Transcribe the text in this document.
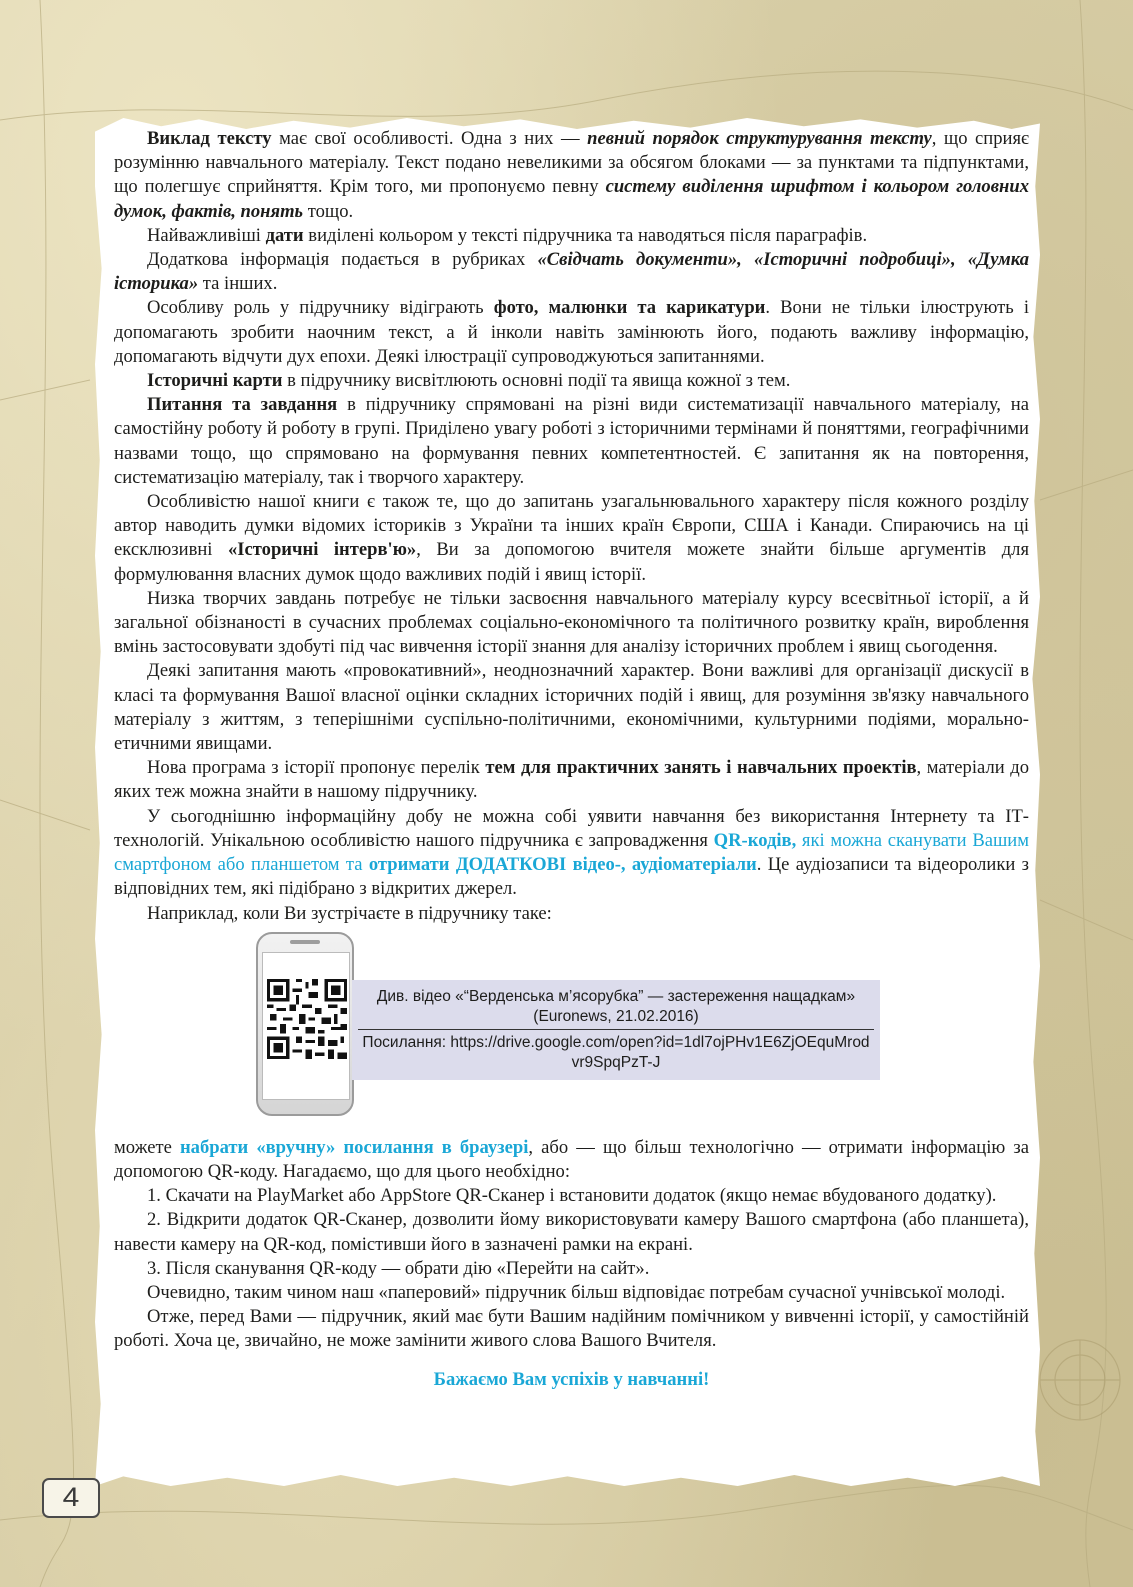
Виклад тексту має свої особливості. Одна з них — певний порядок структурування тексту, що сприяє розумінню навчального матеріалу. Текст подано невеликими за обсягом блоками — за пунктами та підпунктами, що полегшує сприйняття. Крім того, ми пропонуємо певну систему виділення шрифтом і кольором головних думок, фактів, понять тощо.

Найважливіші дати виділені кольором у тексті підручника та наводяться після параграфів.

Додаткова інформація подається в рубриках «Свідчать документи», «Історичні подробиці», «Думка історика» та інших.

Особливу роль у підручнику відіграють фото, малюнки та карикатури. Вони не тільки ілюструють і допомагають зробити наочним текст, а й інколи навіть замінюють його, подають важливу інформацію, допомагають відчути дух епохи. Деякі ілюстрації супроводжуються запитаннями.

Історичні карти в підручнику висвітлюють основні події та явища кожної з тем.

Питання та завдання в підручнику спрямовані на різні види систематизації навчального матеріалу, на самостійну роботу й роботу в групі. Приділено увагу роботі з історичними термінами й поняттями, географічними назвами тощо, що спрямовано на формування певних компетентностей. Є запитання як на повторення, систематизацію матеріалу, так і творчого характеру.

Особливістю нашої книги є також те, що до запитань узагальнювального характеру після кожного розділу автор наводить думки відомих істориків з України та інших країн Європи, США і Канади. Спираючись на ці ексклюзивні «Історичні інтерв'ю», Ви за допомогою вчителя можете знайти більше аргументів для формулювання власних думок щодо важливих подій і явищ історії.

Низка творчих завдань потребує не тільки засвоєння навчального матеріалу курсу всесвітньої історії, а й загальної обізнаності в сучасних проблемах соціально-економічного та політичного розвитку країн, вироблення вмінь застосовувати здобуті під час вивчення історії знання для аналізу історичних проблем і явищ сьогодення.

Деякі запитання мають «провокативний», неоднозначний характер. Вони важливі для організації дискусії в класі та формування Вашої власної оцінки складних історичних подій і явищ, для розуміння зв'язку навчального матеріалу з життям, з теперішніми суспільно-політичними, економічними, культурними подіями, морально-етичними явищами.

Нова програма з історії пропонує перелік тем для практичних занять і навчальних проектів, матеріали до яких теж можна знайти в нашому підручнику.

У сьогоднішню інформаційну добу не можна собі уявити навчання без використання Інтернету та ІТ-технологій. Унікальною особливістю нашого підручника є запровадження QR-кодів, які можна сканувати Вашим смартфоном або планшетом та отримати ДОДАТКОВІ відео-, аудіоматеріали. Це аудіозаписи та відеоролики з відповідних тем, які підібрано з відкритих джерел.

Наприклад, коли Ви зустрічаєте в підручнику таке:

Див. відео «“Верденська м’ясорубка” — застереження нащадкам» (Euronews, 21.02.2016)
Посилання: https://drive.google.com/open?id=1dl7ojPHv1E6ZjOEquMrodvr9SpqPzT-J

можете набрати «вручну» посилання в браузері, або — що більш технологічно — отримати інформацію за допомогою QR-коду. Нагадаємо, що для цього необхідно:

1. Скачати на PlayMarket або AppStore QR-Сканер і встановити додаток (якщо немає вбудованого додатку).

2. Відкрити додаток QR-Сканер, дозволити йому використовувати камеру Вашого смартфона (або планшета), навести камеру на QR-код, помістивши його в зазначені рамки на екрані.

3. Після сканування QR-коду — обрати дію «Перейти на сайт».

Очевидно, таким чином наш «паперовий» підручник більш відповідає потребам сучасної учнівської молоді.

Отже, перед Вами — підручник, який має бути Вашим надійним помічником у вивченні історії, у самостійній роботі. Хоча це, звичайно, не може замінити живого слова Вашого Вчителя.

Бажаємо Вам успіхів у навчанні!

4
